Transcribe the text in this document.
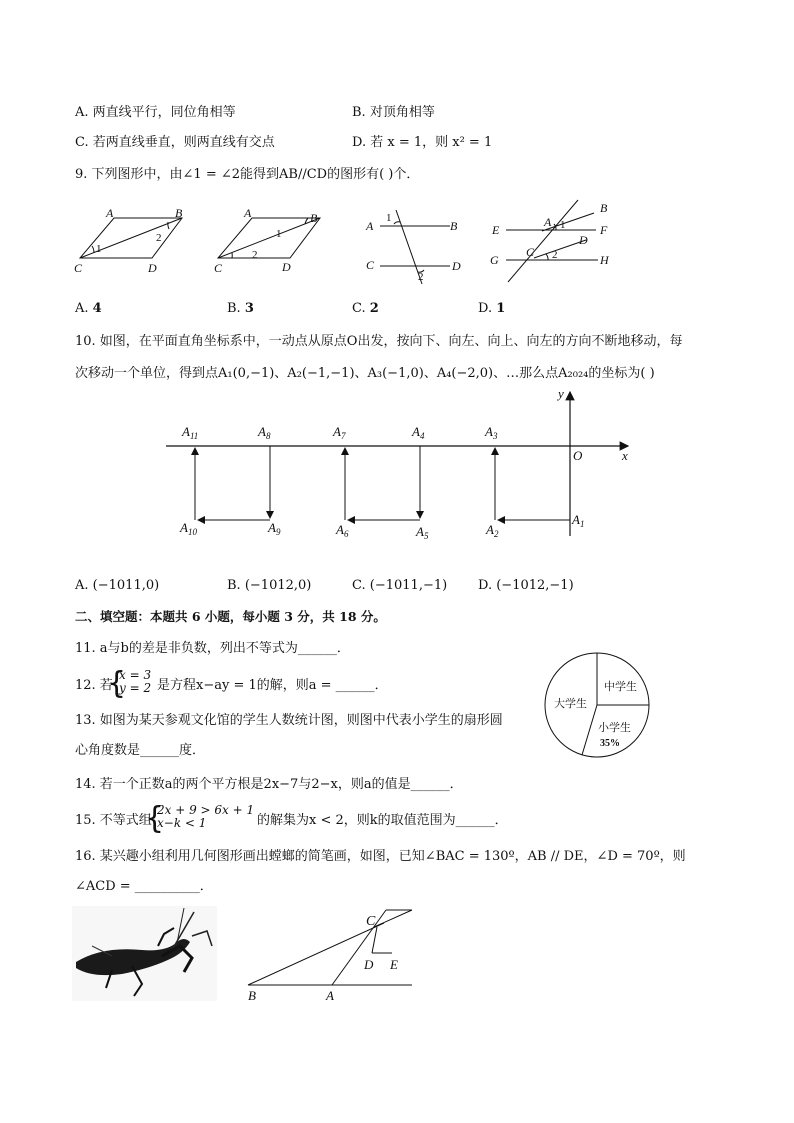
A. 两直线平行，同位角相等	B. 对顶角相等
C. 若两直线垂直，则两直线有交点	D. 若 x = 1，则 x² = 1
9. 下列图形中，由∠1 = ∠2能得到AB//CD的图形有( )个．
A	B
C	D
1
2
A	B
C	D
1
2
A	B
C	D
1
2
A
B
C
D
E	F
G	H
1
2
A. 4	B. 3	C. 2	D. 1
10. 如图，在平面直角坐标系中，一动点从原点O出发，按向下、向左、向上、向左的方向不断地移动，每
次移动一个单位，得到点A₁(0,−1)、A₂(−1,−1)、A₃(−1,0)、A₄(−2,0)、…那么点A₂₀₂₄的坐标为( )
x
y
O
$A_{11}$	$A_8$	$A_7$	$A_4$	$A_3$
$A_{10}$	$A_9$	$A_6$	$A_5$	$A_2$
$A_1$
A. (−1011,0)	B. (−1012,0)	C. (−1011,−1) D. (−1012,−1)
二、填空题：本题共 6 小题，每小题 3 分，共 18 分。
11. a与b的差是非负数，列出不等式为______．
12. 若
{
x = 3
y = 2 是方程x−ay = 1的解，则a = ______．
13. 如图为某天参观文化馆的学生人数统计图，则图中代表小学生的扇形圆
心角度数是______度．
大学生
中学生
小学生
35%
14. 若一个正数a的两个平方根是2x−7与2−x，则a的值是______．
15. 不等式组
{
2x + 9 > 6x + 1
x−k < 1	的解集为x < 2，则k的取值范围为______．
16. 某兴趣小组利用几何图形画出螳螂的简笔画，如图，已知∠BAC = 130º，AB // DE，∠D = 70º，则
∠ACD = __________．
C
D E
B	A
